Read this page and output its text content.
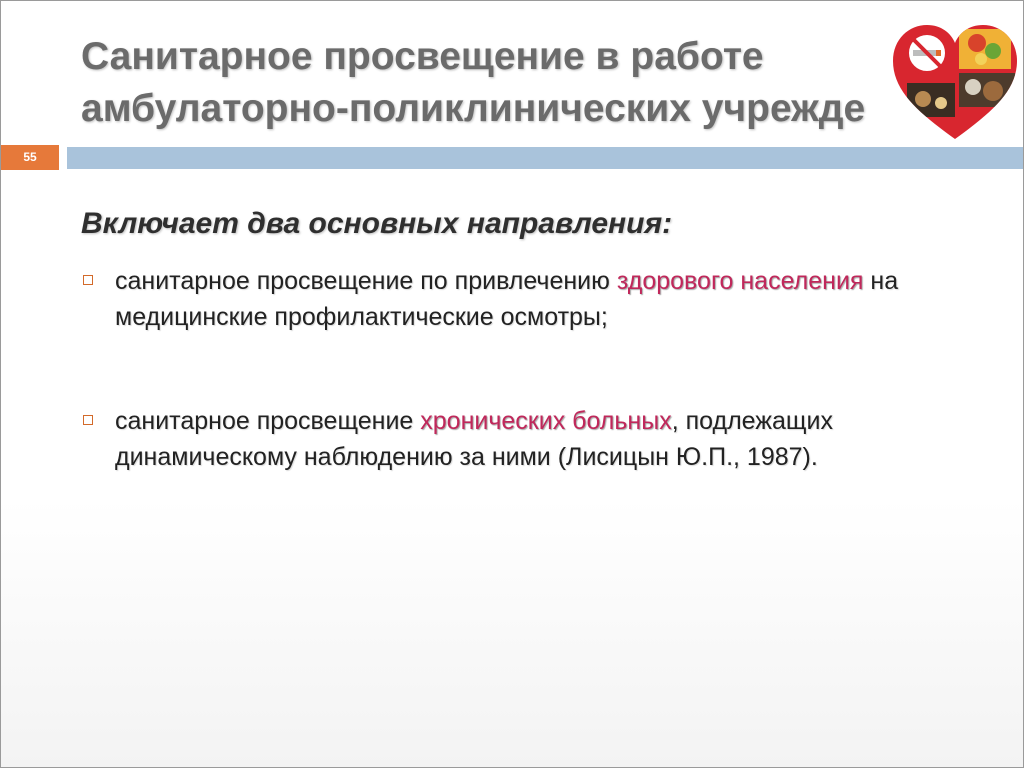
Санитарное просвещение в работе
амбулаторно-поликлинических учрежде
55
Включает два основных направления:
санитарное просвещение по привлечению здорового населения на медицинские профилактические осмотры;
санитарное просвещение хронических больных, подлежащих динамическому наблюдению за ними (Лисицын Ю.П., 1987).
